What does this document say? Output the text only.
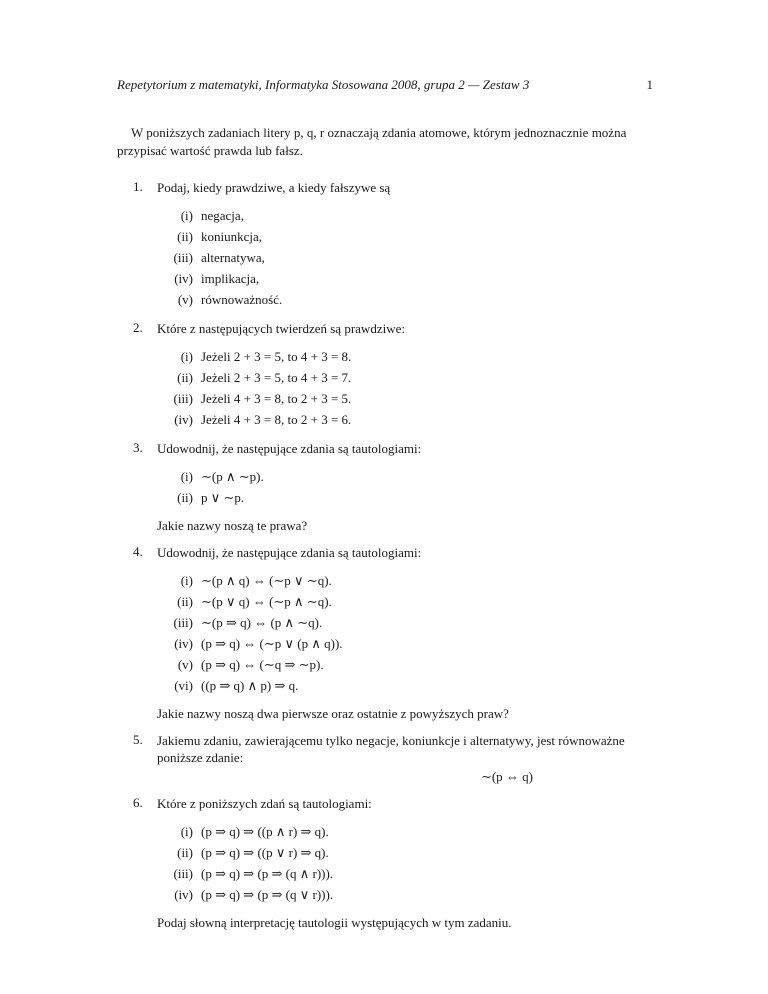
Repetytorium z matematyki, Informatyka Stosowana 2008, grupa 2 — Zestaw 3	1
W poniższych zadaniach litery p, q, r oznaczają zdania atomowe, którym jednoznacznie można przypisać wartość prawda lub fałsz.
1. Podaj, kiedy prawdziwe, a kiedy fałszywe są
(i) negacja,
(ii) koniunkcja,
(iii) alternatywa,
(iv) implikacja,
(v) równoważność.
2. Które z następujących twierdzeń są prawdziwe:
(i) Jeżeli 2 + 3 = 5, to 4 + 3 = 8.
(ii) Jeżeli 2 + 3 = 5, to 4 + 3 = 7.
(iii) Jeżeli 4 + 3 = 8, to 2 + 3 = 5.
(iv) Jeżeli 4 + 3 = 8, to 2 + 3 = 6.
3. Udowodnij, że następujące zdania są tautologiami:
(i) ∼(p ∧ ∼p).
(ii) p ∨ ∼p.
Jakie nazwy noszą te prawa?
4. Udowodnij, że następujące zdania są tautologiami:
(i) ∼(p ∧ q) ⇔ (∼p ∨ ∼q).
(ii) ∼(p ∨ q) ⇔ (∼p ∧ ∼q).
(iii) ∼(p ⇒ q) ⇔ (p ∧ ∼q).
(iv) (p ⇒ q) ⇔ (∼p ∨ (p ∧ q)).
(v) (p ⇒ q) ⇔ (∼q ⇒ ∼p).
(vi) ((p ⇒ q) ∧ p) ⇒ q.
Jakie nazwy noszą dwa pierwsze oraz ostatnie z powyższych praw?
5. Jakiemu zdaniu, zawierającemu tylko negacje, koniunkcje i alternatywy, jest równoważne poniższe zdanie:
∼(p ⇔ q)
6. Które z poniższych zdań są tautologiami:
(i) (p ⇒ q) ⇒ ((p ∧ r) ⇒ q).
(ii) (p ⇒ q) ⇒ ((p ∨ r) ⇒ q).
(iii) (p ⇒ q) ⇒ (p ⇒ (q ∧ r))).
(iv) (p ⇒ q) ⇒ (p ⇒ (q ∨ r))).
Podaj słowną interpretację tautologii występujących w tym zadaniu.
